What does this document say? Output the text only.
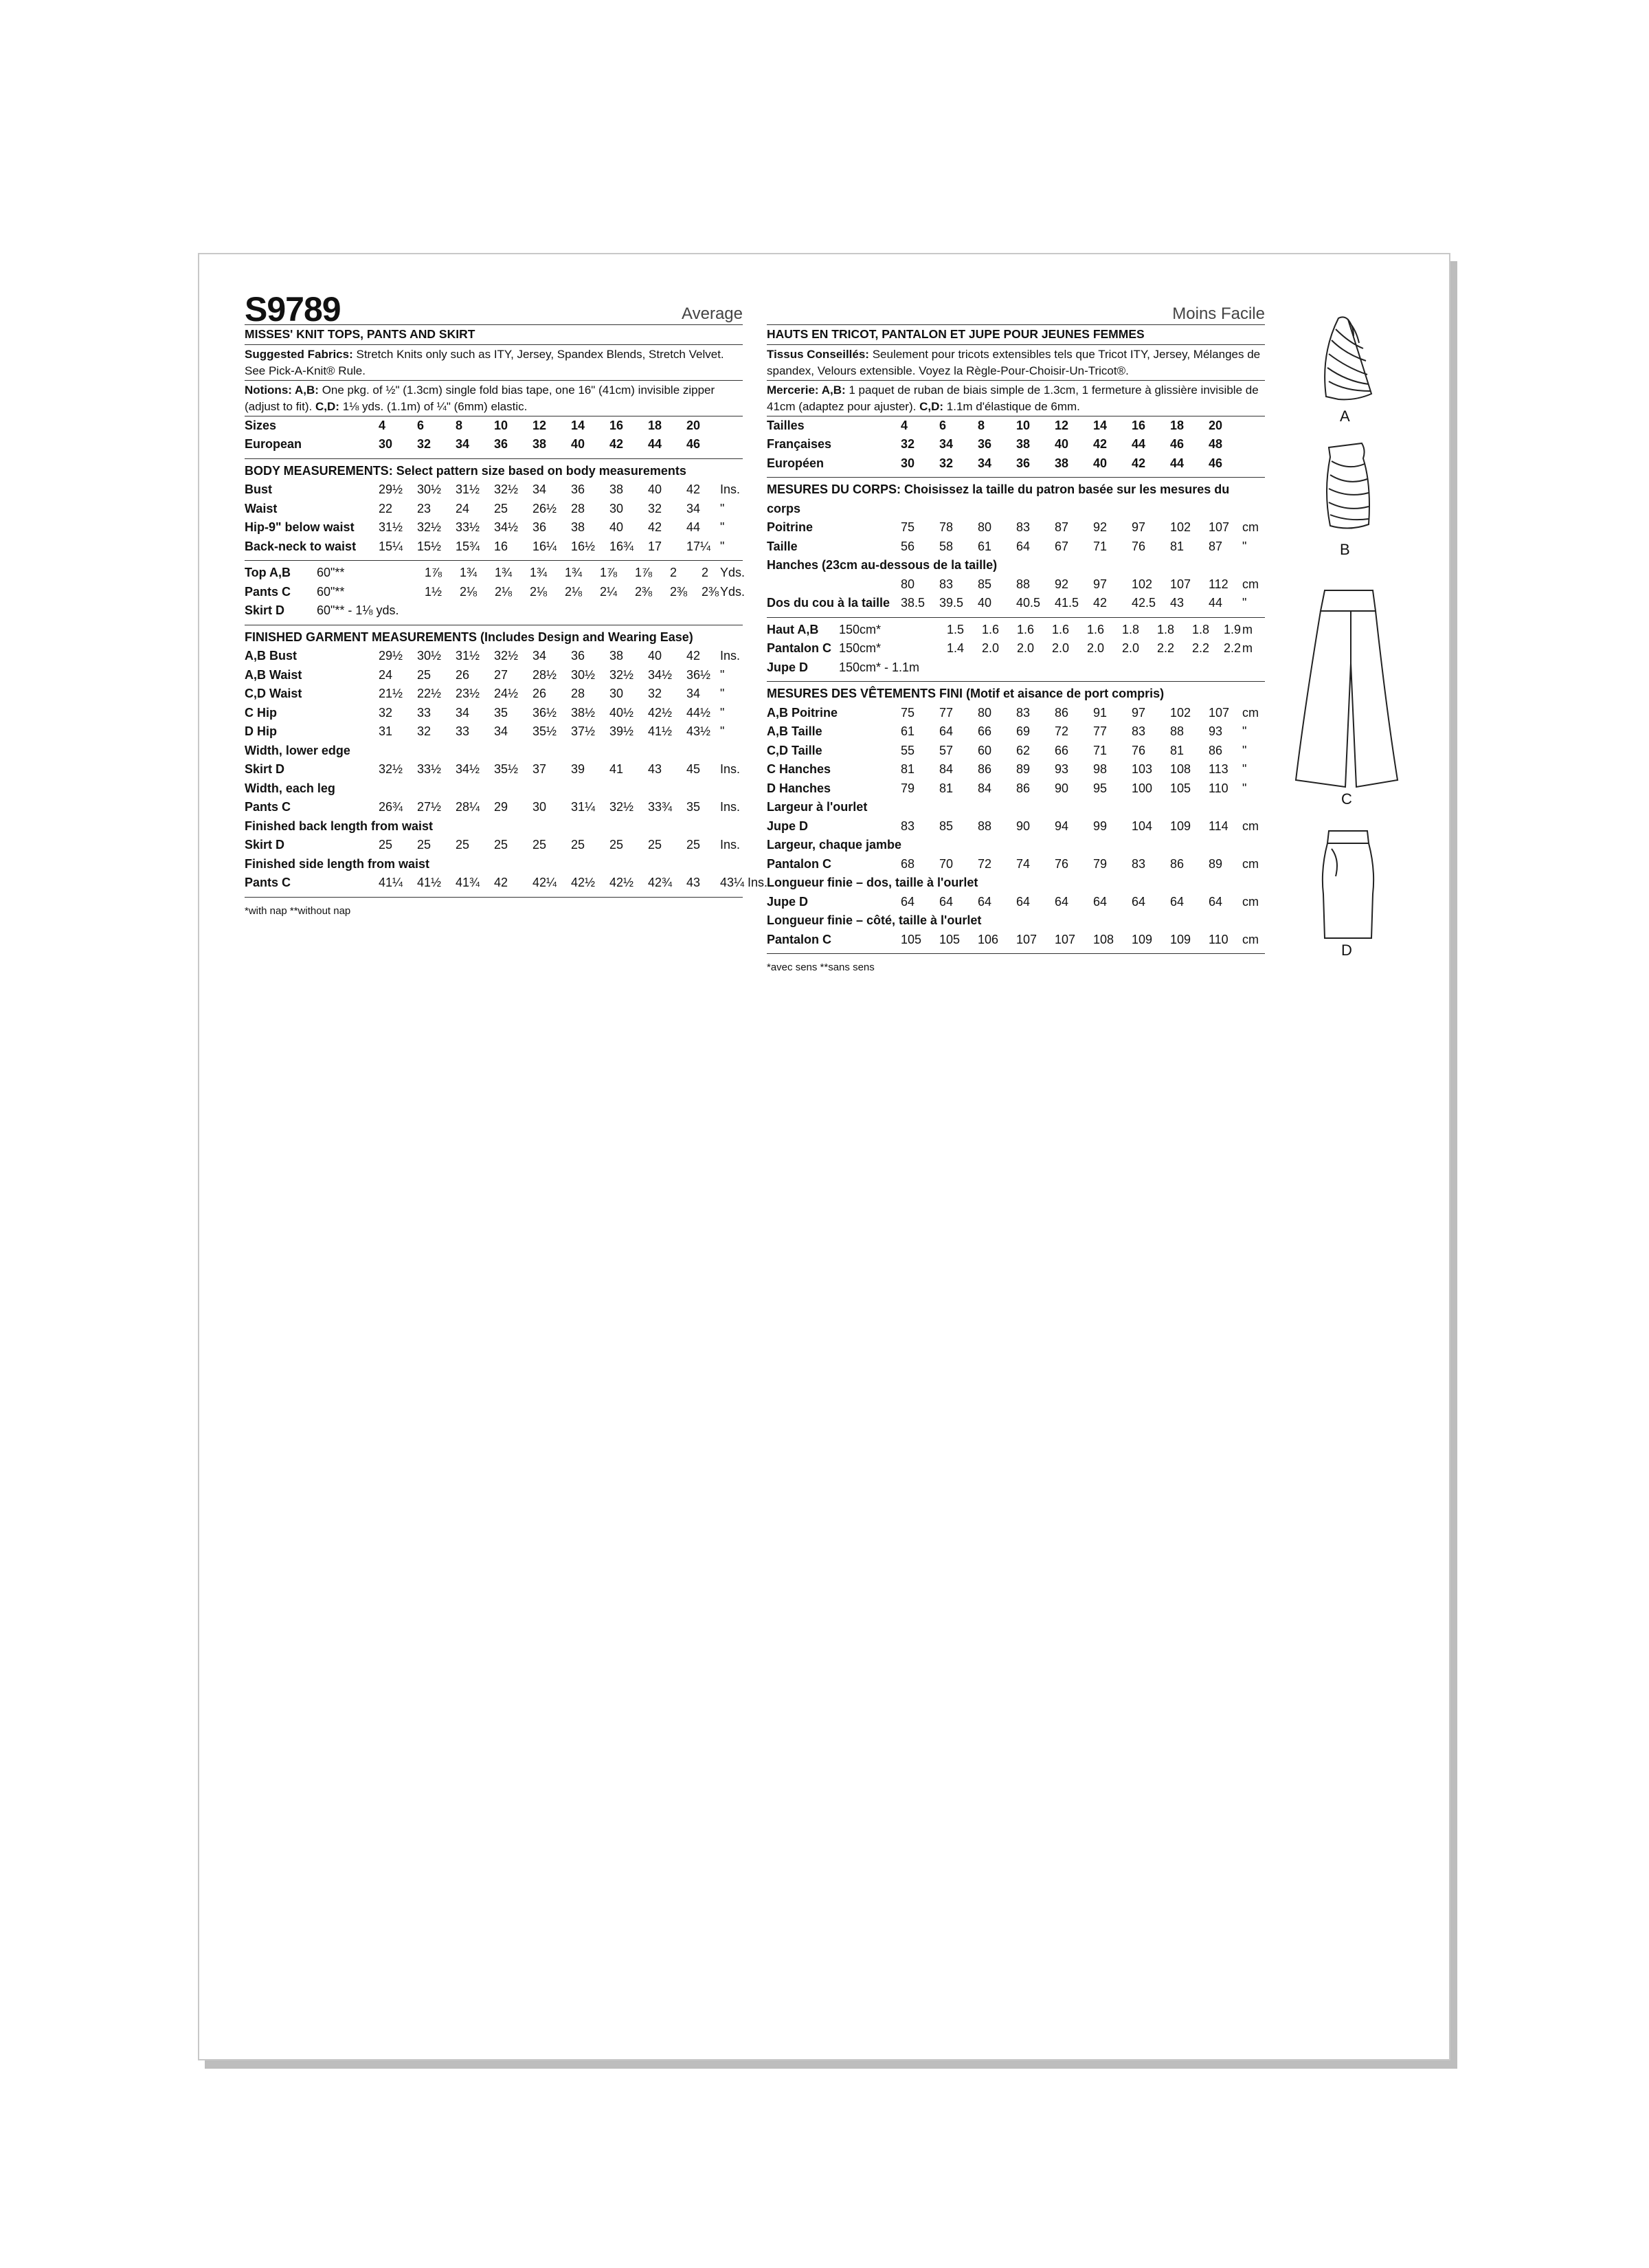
S9789	Average
MISSES' KNIT TOPS, PANTS AND SKIRT
Suggested Fabrics: Stretch Knits only such as ITY, Jersey, Spandex Blends, Stretch Velvet. See Pick-A-Knit® Rule.
Notions: A,B: One pkg. of ½" (1.3cm) single fold bias tape, one 16" (41cm) invisible zipper (adjust to fit). C,D: 1⅛ yds. (1.1m) of ¼" (6mm) elastic.
Sizes	4	6	8	10 12 14 16 18 20
European	30 32 34 36 38 40 42 44 46
BODY MEASUREMENTS: Select pattern size based on body measurements
Bust	29½ 30½ 31½ 32½ 34 36 38 40 42 Ins.
Waist	22 23 24 25 26½ 28 30 32 34 "
Hip-9" below waist 31½ 32½ 33½ 34½ 36 38 40 42 44 "
Back-neck to waist 15¼ 15½ 15¾ 16 16¼ 16½ 16¾ 17 17¼ "
Top A,B 60"**	1⅞ 1¾ 1¾ 1¾ 1¾ 1⅞ 1⅞ 2 2 Yds.
Pants C 60"**	1½ 2⅛ 2⅛ 2⅛ 2⅛ 2¼ 2⅜ 2⅜ 2⅜ Yds.
Skirt D	60"** - 1⅛ yds.
FINISHED GARMENT MEASUREMENTS (Includes Design and Wearing Ease)
A,B Bust	29½ 30½ 31½ 32½ 34 36 38 40 42 Ins.
A,B Waist	24 25 26 27 28½ 30½ 32½ 34½ 36½ "
C,D Waist	21½ 22½ 23½ 24½ 26 28 30 32 34 "
C Hip	32 33 34 35 36½ 38½ 40½ 42½ 44½ "
D Hip	31 32 33 34 35½ 37½ 39½ 41½ 43½ "
Width, lower edge
Skirt D	32½ 33½ 34½ 35½ 37 39 41 43 45 Ins.
Width, each leg
Pants C	26¾ 27½ 28¼ 29 30 31¼ 32½ 33¾ 35 Ins.
Finished back length from waist
Skirt D	25 25 25 25 25 25 25 25 25 Ins.
Finished side length from waist
Pants C	41¼ 41½ 41¾ 42 42¼ 42½ 42½ 42¾ 43 43¼ Ins.
*with nap **without nap
Moins Facile
HAUTS EN TRICOT, PANTALON ET JUPE POUR JEUNES FEMMES
Tissus Conseillés: Seulement pour tricots extensibles tels que Tricot ITY, Jersey, Mélanges de spandex, Velours extensible. Voyez la Règle-Pour-Choisir-Un-Tricot®.
Mercerie: A,B: 1 paquet de ruban de biais simple de 1.3cm, 1 fermeture à glissière invisible de 41cm (adaptez pour ajuster). C,D: 1.1m d'élastique de 6mm.
Tailles	4	6	8	10 12 14 16 18 20
Françaises	32 34 36 38 40 42 44 46 48
Européen	30 32 34 36 38 40 42 44 46
MESURES DU CORPS: Choisissez la taille du patron basée sur les mesures du corps
Poitrine	75 78 80 83 87 92 97 102 107 cm
Taille	56 58 61 64 67 71 76 81 87 "
Hanches (23cm au-dessous de la taille)
80 83 85 88 92 97 102 107 112 cm
Dos du cou à la taille 38.5 39.5 40 40.5 41.5 42 42.5 43 44 "
Haut A,B 150cm*	1.5 1.6 1.6 1.6 1.6 1.8 1.8 1.8 1.9 m
Pantalon C 150cm*	1.4 2.0 2.0 2.0 2.0 2.0 2.2 2.2 2.2 m
Jupe D 150cm* - 1.1m
MESURES DES VÊTEMENTS FINI (Motif et aisance de port compris)
A,B Poitrine	75 77 80 83 86 91 97 102 107 cm
A,B Taille	61 64 66 69 72 77 83 88 93 "
C,D Taille	55 57 60 62 66 71 76 81 86 "
C Hanches	81 84 86 89 93 98 103 108 113 "
D Hanches	79 81 84 86 90 95 100 105 110 "
Largeur à l'ourlet
Jupe D	83 85 88 90 94 99 104 109 114 cm
Largeur, chaque jambe
Pantalon C	68 70 72 74 76 79 83 86 89 cm
Longueur finie – dos, taille à l'ourlet
Jupe D	64 64 64 64 64 64 64 64 64 cm
Longueur finie – côté, taille à l'ourlet
Pantalon C	105 105 106 107 107 108 109 109 110 cm
*avec sens **sans sens
A
B
C
D
